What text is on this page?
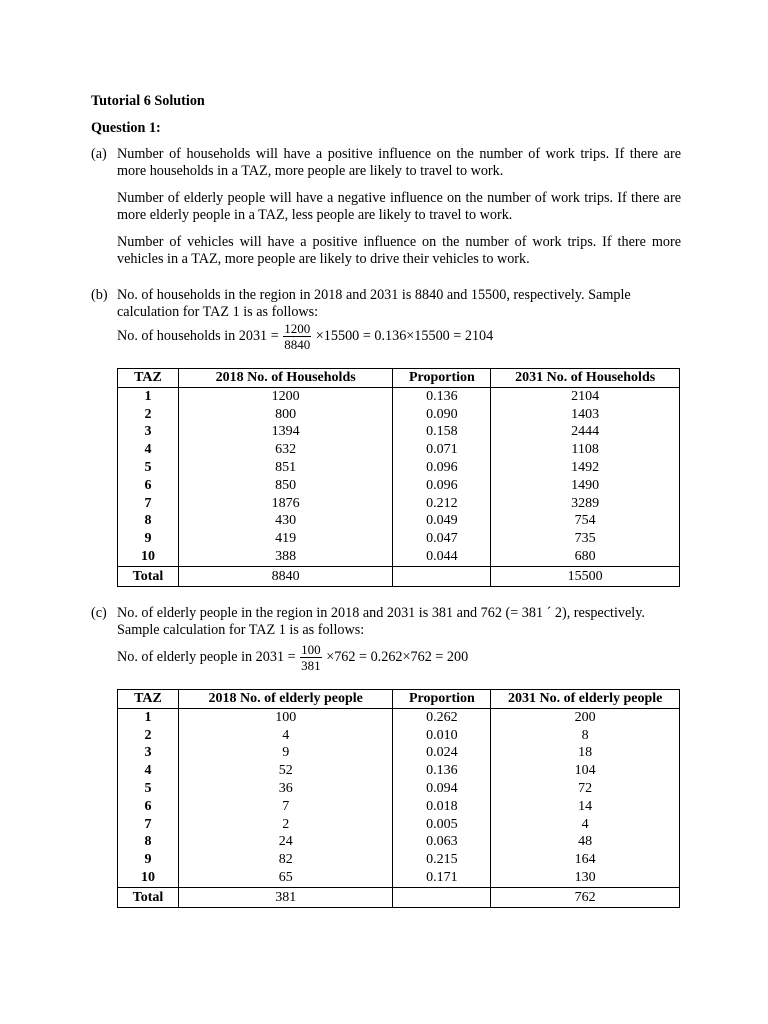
Tutorial 6 Solution
Question 1:
(a) Number of households will have a positive influence on the number of work trips. If there are more households in a TAZ, more people are likely to travel to work.

Number of elderly people will have a negative influence on the number of work trips. If there are more elderly people in a TAZ, less people are likely to travel to work.

Number of vehicles will have a positive influence on the number of work trips. If there more vehicles in a TAZ, more people are likely to drive their vehicles to work.

(b) No. of households in the region in 2018 and 2031 is 8840 and 15500, respectively. Sample calculation for TAZ 1 is as follows:

No. of households in $2031 = \frac{1200}{8840} \times 15500 = 0.136\times 15500 = 2104$
TAZ	2018 No. of Households	Proportion	2031 No. of Households
1	1200	0.136	2104
2	800	0.090	1403
3	1394	0.158	2444
4	632	0.071	1108
5	851	0.096	1492
6	850	0.096	1490
7	1876	0.212	3289
8	430	0.049	754
9	419	0.047	735
10	388	0.044	680
Total	8840		15500
(c) No. of elderly people in the region in 2018 and 2031 is 381 and 762 (= 381 ´ 2), respectively. Sample calculation for TAZ 1 is as follows:

No. of elderly people in $2031 = \frac{100}{381} \times 762 = 0.262\times 762 = 200$
TAZ	2018 No. of elderly people	Proportion	2031 No. of elderly people
1	100	0.262	200
2	4	0.010	8
3	9	0.024	18
4	52	0.136	104
5	36	0.094	72
6	7	0.018	14
7	2	0.005	4
8	24	0.063	48
9	82	0.215	164
10	65	0.171	130
Total	381		762
